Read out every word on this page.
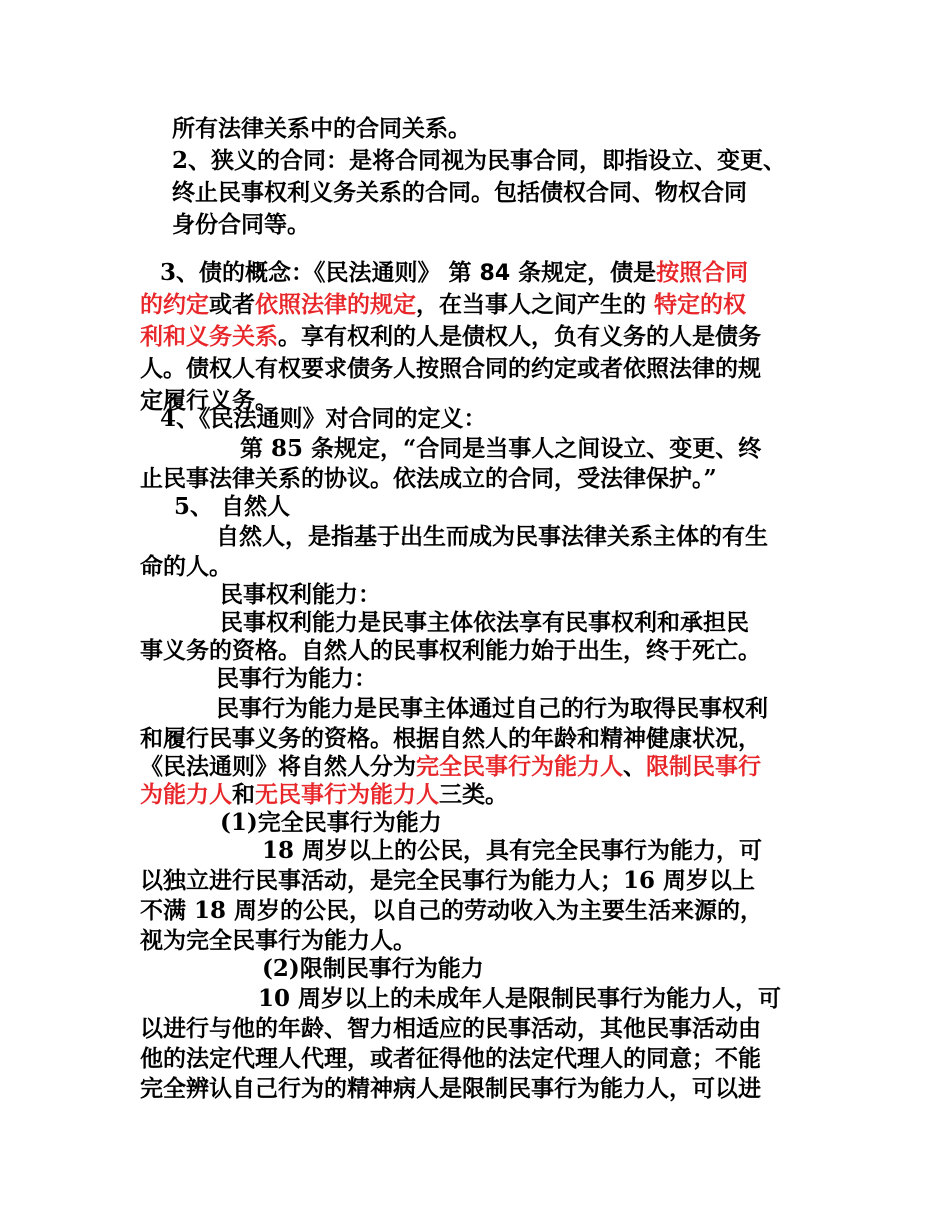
所有法律关系中的合同关系。
2、狭义的合同：是将合同视为民事合同，即指设立、变更、
终止民事权利义务关系的合同。包括债权合同、物权合同
身份合同等。
3、债的概念：《民法通则》 第 84 条规定，债是按照合同
的约定或者依照法律的规定，在当事人之间产生的 特定的权
利和义务关系。享有权利的人是债权人，负有义务的人是债务
人。债权人有权要求债务人按照合同的约定或者依照法律的规
定履行义务。
4、《民法通则》对合同的定义：
第 85 条规定，“合同是当事人之间设立、变更、终
止民事法律关系的协议。依法成立的合同，受法律保护。”
5、 自然人
自然人，是指基于出生而成为民事法律关系主体的有生
命的人。
民事权利能力：
民事权利能力是民事主体依法享有民事权利和承担民
事义务的资格。自然人的民事权利能力始于出生，终于死亡。
民事行为能力：
民事行为能力是民事主体通过自己的行为取得民事权利
和履行民事义务的资格。根据自然人的年龄和精神健康状况，
《民法通则》将自然人分为完全民事行为能力人、限制民事行
为能力人和无民事行为能力人三类。
(1)完全民事行为能力
18 周岁以上的公民，具有完全民事行为能力，可
以独立进行民事活动，是完全民事行为能力人；16 周岁以上
不满 18 周岁的公民，以自己的劳动收入为主要生活来源的，
视为完全民事行为能力人。
(2)限制民事行为能力
10 周岁以上的未成年人是限制民事行为能力人，可
以进行与他的年龄、智力相适应的民事活动，其他民事活动由
他的法定代理人代理，或者征得他的法定代理人的同意；不能
完全辨认自己行为的精神病人是限制民事行为能力人，可以进
